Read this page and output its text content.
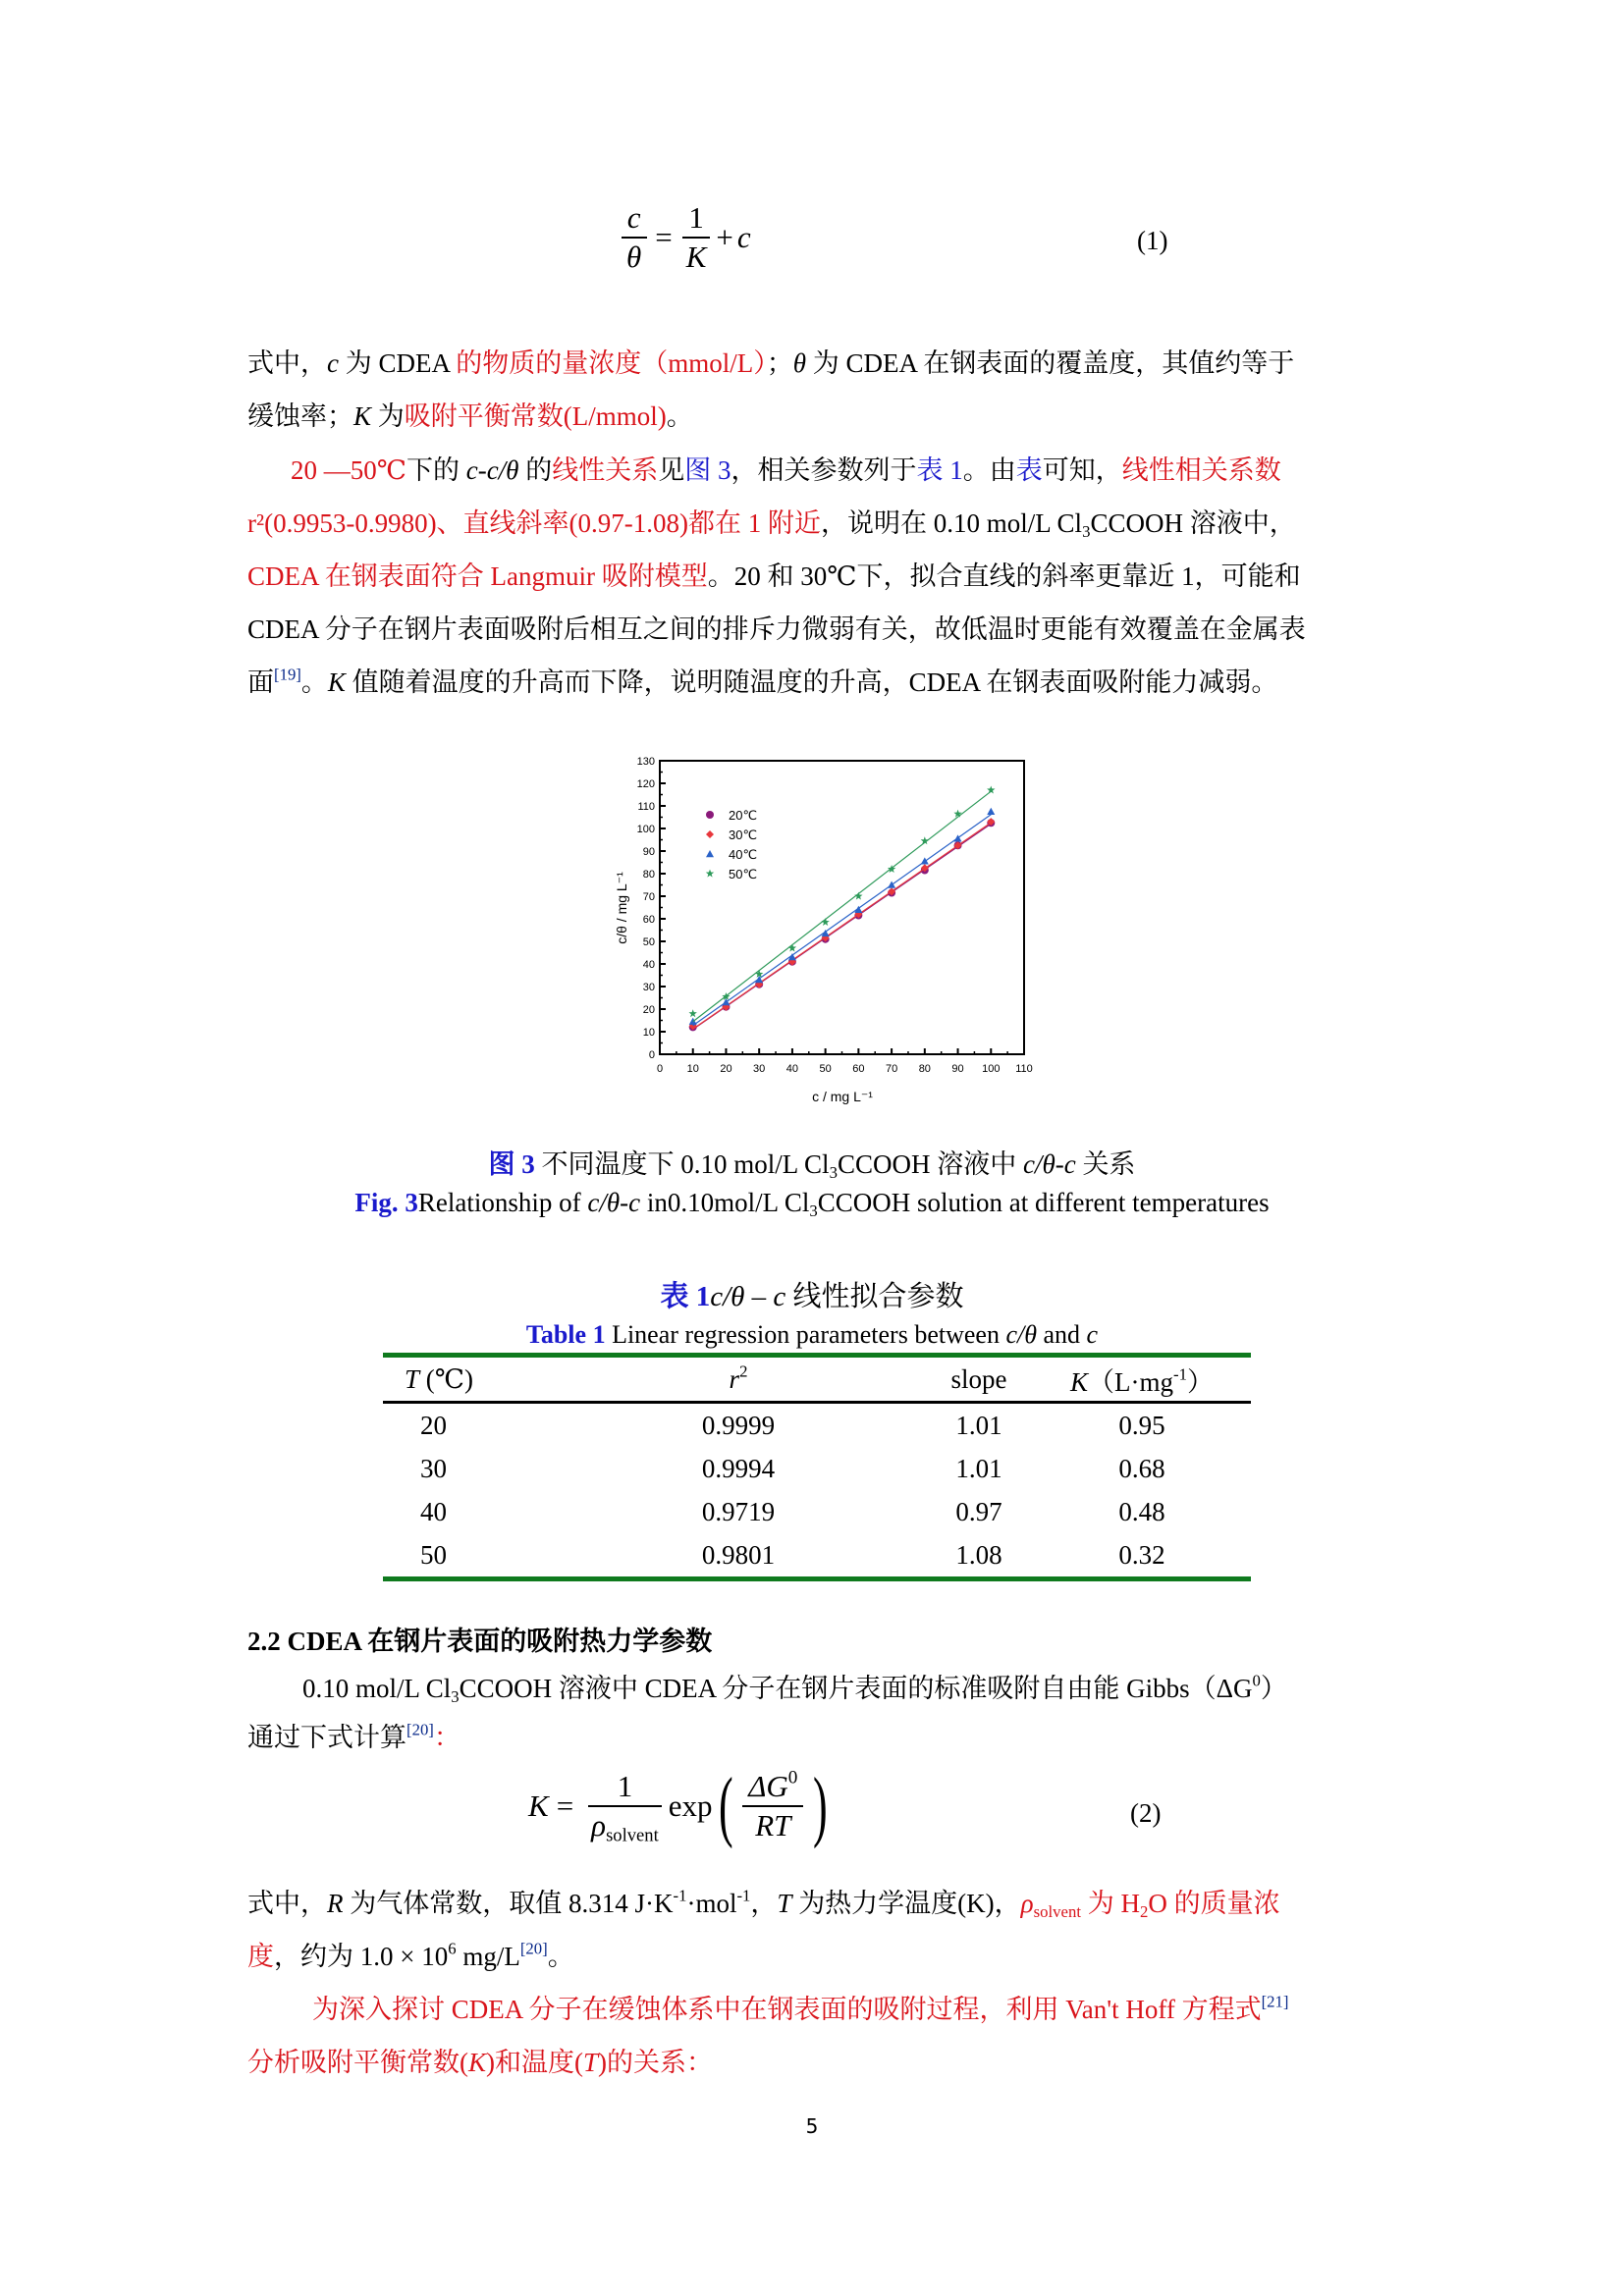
$\frac{c}{\theta} = \frac{1}{K} + c$	(1)
式中，c 为 CDEA 的物质的量浓度（mmol/L）；θ 为 CDEA 在钢表面的覆盖度，其值约等于
缓蚀率；K 为吸附平衡常数(L/mmol)。
20 —50℃下的 c-c/θ 的线性关系见图 3，相关参数列于表 1。由表可知，线性相关系数
r²(0.9953-0.9980)、直线斜率(0.97-1.08)都在 1 附近，说明在 0.10 mol/L $Cl_3CCOOH$ 溶液中，
CDEA 在钢表面符合 Langmuir 吸附模型。20 和 30℃下，拟合直线的斜率更靠近 1，可能和
CDEA 分子在钢片表面吸附后相互之间的排斥力微弱有关，故低温时更能有效覆盖在金属表
面[19]。K 值随着温度的升高而下降，说明随温度的升高，CDEA 在钢表面吸附能力减弱。
0
10
20
30
40
50
60
70
80
90
100
110
120
130
0 10 20 30 40 50 60 70 80 90 100 110
20℃
30℃
40℃
50℃
c / mg L⁻¹
c/θ / mg L⁻¹
图 3 不同温度下 0.10 mol/L $Cl_3CCOOH$ 溶液中 c/θ-c 关系
Fig. 3Relationship of c/θ-c in0.10mol/L $Cl_3CCOOH$ solution at different temperatures
表 1c/θ – c 线性拟合参数
Table 1 Linear regression parameters between c/θ and c
T (℃)	$r^2$	slope	$K(L\cdot mg^{-1})$
20	0.9999	1.01	0.95
30	0.9994	1.01	0.68
40	0.9719	0.97	0.48
50	0.9801	1.08	0.32
2.2 CDEA 在钢片表面的吸附热力学参数
0.10 mol/L $Cl_3CCOOH$ 溶液中 CDEA 分子在钢片表面的标准吸附自由能 $Gibbs(\Delta G^0)$
通过下式计算[20]：
$K = \frac{1}{\rho_{solvent}}$ exp ( $\frac{\Delta G^0}{RT}$ )	(2)
式中，R 为气体常数，取值 8.314 $J\cdot K^{-1}\cdot mol^{-1}$，T 为热力学温度(K)，$\rho_{solvent}$ 为 $H_2O$ 的质量浓
度，约为 $1.0 \times 10^6$ mg/L[20]。
为深入探讨 CDEA 分子在缓蚀体系中在钢表面的吸附过程，利用 Van't Hoff 方程式[21]
分析吸附平衡常数(K)和温度(T)的关系：
5
